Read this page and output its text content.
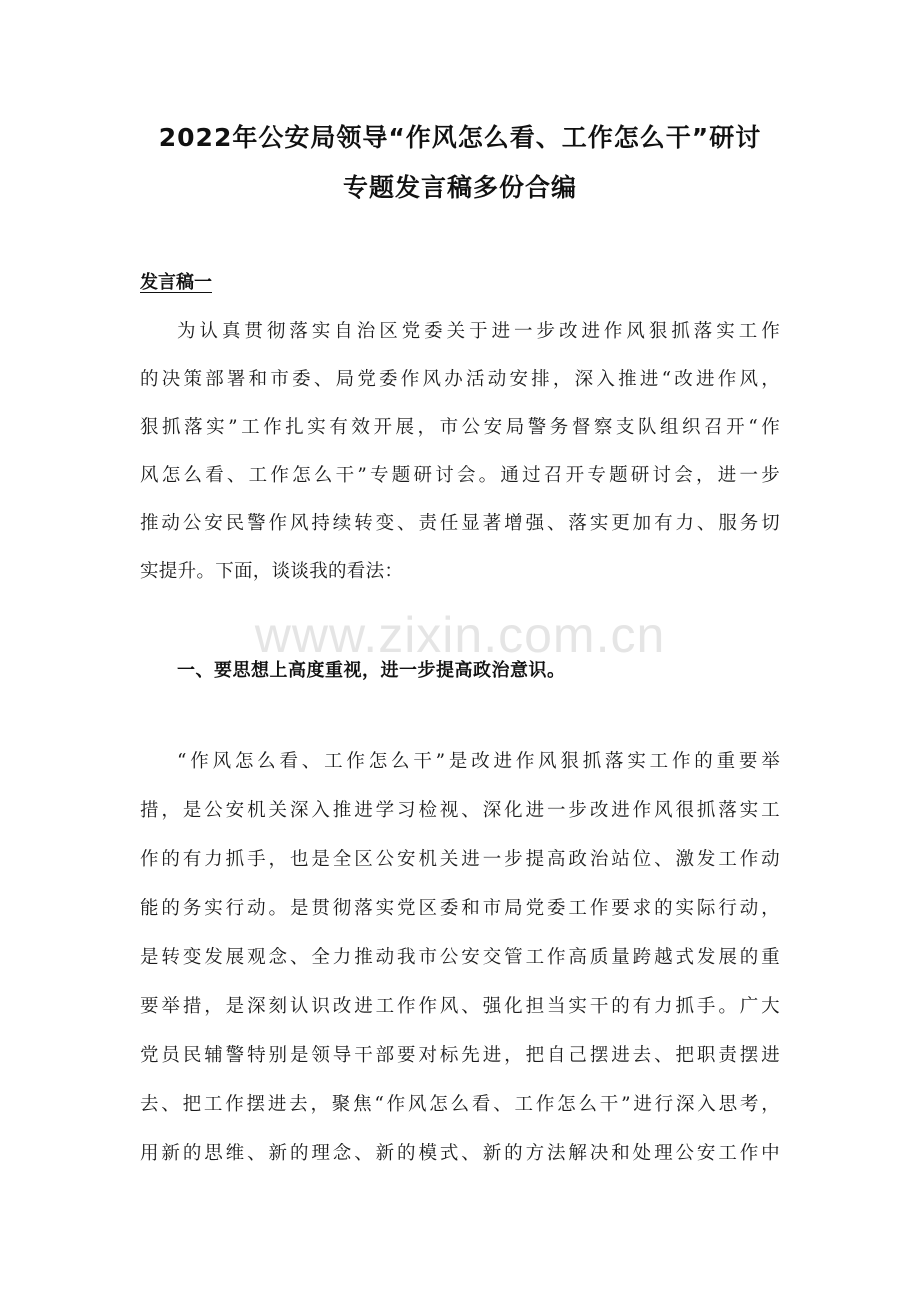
2022年公安局领导“作风怎么看、工作怎么干”研讨
专题发言稿多份合编
发言稿一
为认真贯彻落实自治区党委关于进一步改进作风狠抓落实工作
的决策部署和市委、局党委作风办活动安排，深入推进“改进作风，
狠抓落实”工作扎实有效开展，市公安局警务督察支队组织召开“作
风怎么看、工作怎么干”专题研讨会。通过召开专题研讨会，进一步
推动公安民警作风持续转变、责任显著增强、落实更加有力、服务切
实提升。下面，谈谈我的看法：
www.zixin.com.cn
一、要思想上高度重视，进一步提高政治意识。
“作风怎么看、工作怎么干”是改进作风狠抓落实工作的重要举
措，是公安机关深入推进学习检视、深化进一步改进作风很抓落实工
作的有力抓手，也是全区公安机关进一步提高政治站位、激发工作动
能的务实行动。是贯彻落实党区委和市局党委工作要求的实际行动，
是转变发展观念、全力推动我市公安交管工作高质量跨越式发展的重
要举措，是深刻认识改进工作作风、强化担当实干的有力抓手。广大
党员民辅警特别是领导干部要对标先进，把自己摆进去、把职责摆进
去、把工作摆进去，聚焦“作风怎么看、工作怎么干”进行深入思考，
用新的思维、新的理念、新的模式、新的方法解决和处理公安工作中
